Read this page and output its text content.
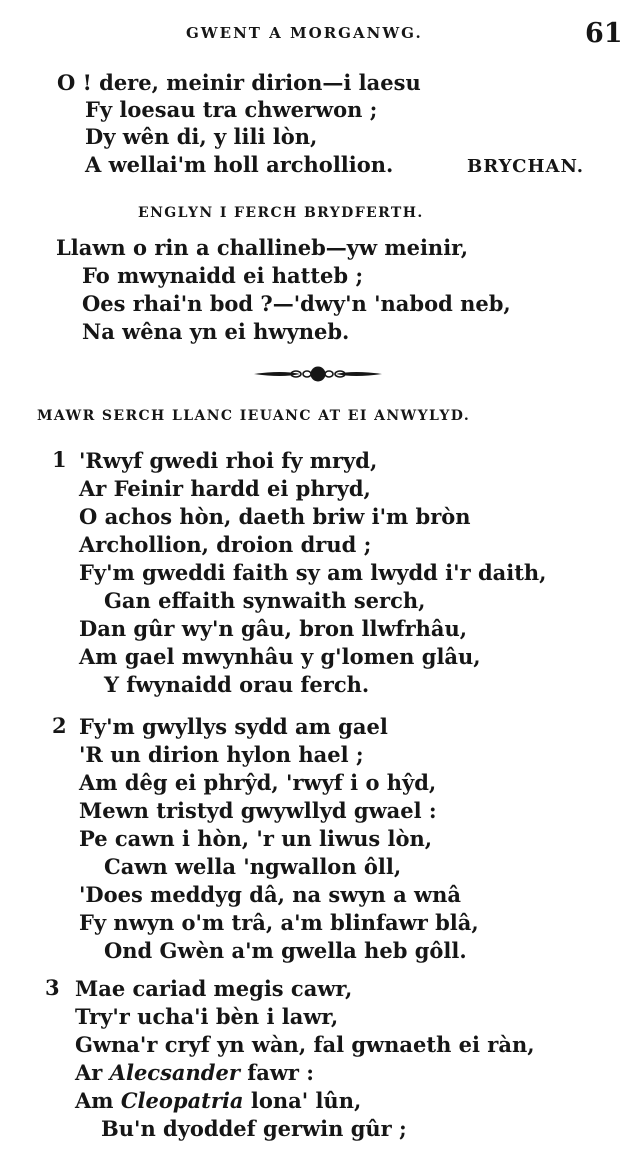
GWENT A MORGANWG.	61
O ! dere, meinir dirion—i laesu
Fy loesau tra chwerwon ;
Dy wên di, y lili lòn,
A wellai'm holl archollion.	BRYCHAN.
ENGLYN I FERCH BRYDFERTH.
Llawn o rin a challineb—yw meinir,
Fo mwynaidd ei hatteb ;
Oes rhai'n bod ?—'dwy'n 'nabod neb,
Na wêna yn ei hwyneb.
MAWR SERCH LLANC IEUANC AT EI ANWYLYD.
1 'Rwyf gwedi rhoi fy mryd,
Ar Feinir hardd ei phryd,
O achos hòn, daeth briw i'm bròn
Archollion, droion drud ;
Fy'm gweddi faith sy am lwydd i'r daith,
Gan effaith synwaith serch,
Dan gûr wy'n gâu, bron llwfrhâu,
Am gael mwynhâu y g'lomen glâu,
Y fwynaidd orau ferch.
2 Fy'm gwyllys sydd am gael
'R un dirion hylon hael ;
Am dêg ei phrŷd, 'rwyf i o hŷd,
Mewn tristyd gwywllyd gwael :
Pe cawn i hòn, 'r un liwus lòn,
Cawn wella 'ngwallon ôll,
'Does meddyg dâ, na swyn a wnâ
Fy nwyn o'm trâ, a'm blinfawr blâ,
Ond Gwèn a'm gwella heb gôll.
3 Mae cariad megis cawr,
Try'r ucha'i bèn i lawr,
Gwna'r cryf yn wàn, fal gwnaeth ei ràn,
Ar Alecsander fawr :
Am Cleopatria lona' lûn,
Bu'n dyoddef gerwin gûr ;
